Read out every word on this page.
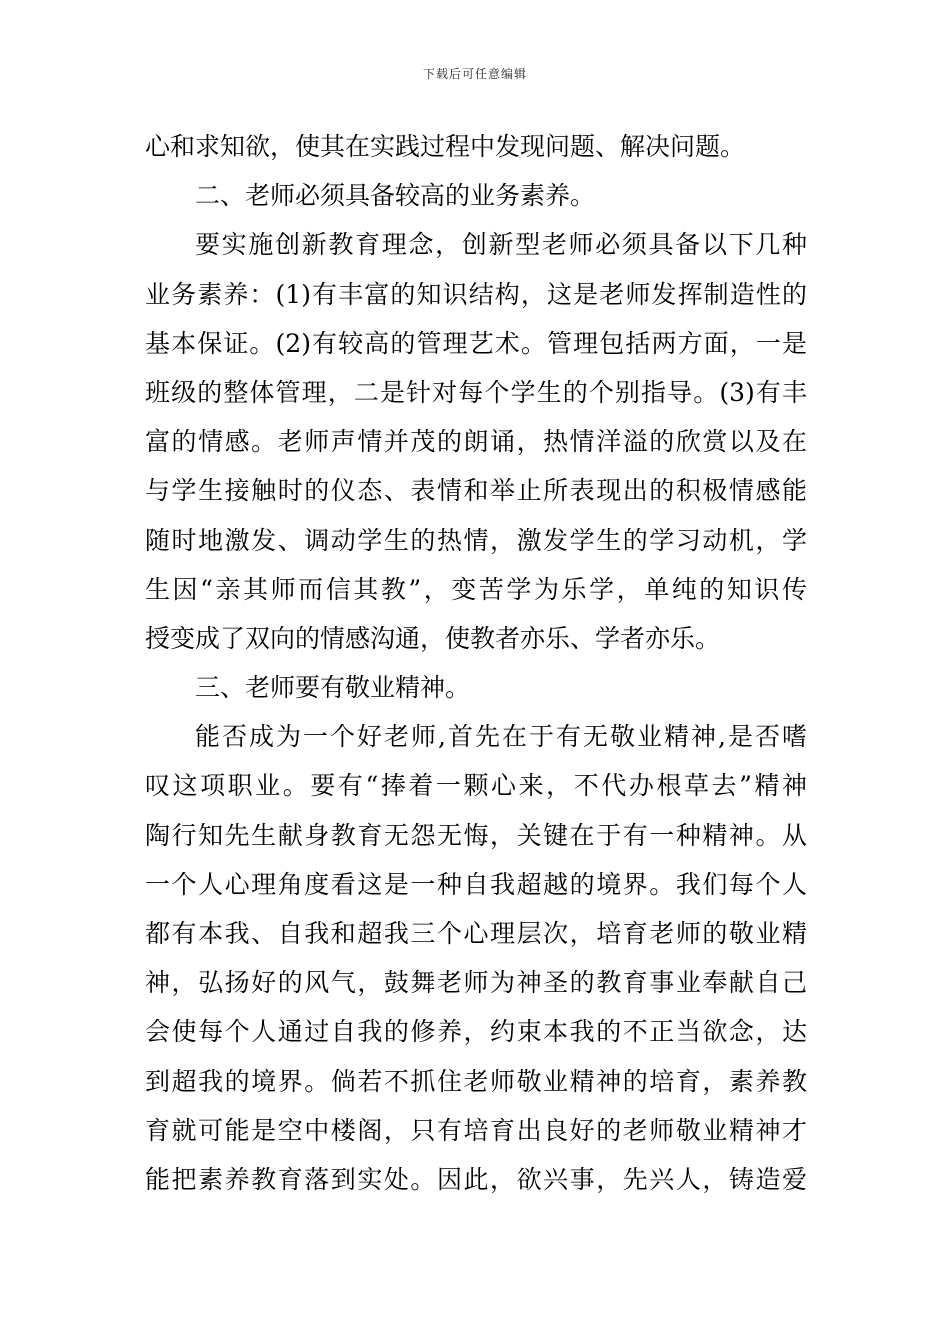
下载后可任意编辑
心和求知欲，使其在实践过程中发现问题、解决问题。
二、老师必须具备较高的业务素养。
要实施创新教育理念，创新型老师必须具备以下几种
业务素养：(1)有丰富的知识结构，这是老师发挥制造性的
基本保证。(2)有较高的管理艺术。管理包括两方面，一是
班级的整体管理，二是针对每个学生的个别指导。(3)有丰
富的情感。老师声情并茂的朗诵，热情洋溢的欣赏以及在
与学生接触时的仪态、表情和举止所表现出的积极情感能
随时地激发、调动学生的热情，激发学生的学习动机，学
生因“亲其师而信其教”，变苦学为乐学，单纯的知识传
授变成了双向的情感沟通，使教者亦乐、学者亦乐。
三、老师要有敬业精神。
能否成为一个好老师,首先在于有无敬业精神,是否嗜
叹这项职业。要有“捧着一颗心来，不代办根草去”精神
陶行知先生献身教育无怨无悔，关键在于有一种精神。从
一个人心理角度看这是一种自我超越的境界。我们每个人
都有本我、自我和超我三个心理层次，培育老师的敬业精
神，弘扬好的风气，鼓舞老师为神圣的教育事业奉献自己
会使每个人通过自我的修养，约束本我的不正当欲念，达
到超我的境界。倘若不抓住老师敬业精神的培育，素养教
育就可能是空中楼阁，只有培育出良好的老师敬业精神才
能把素养教育落到实处。因此，欲兴事，先兴人，铸造爱
